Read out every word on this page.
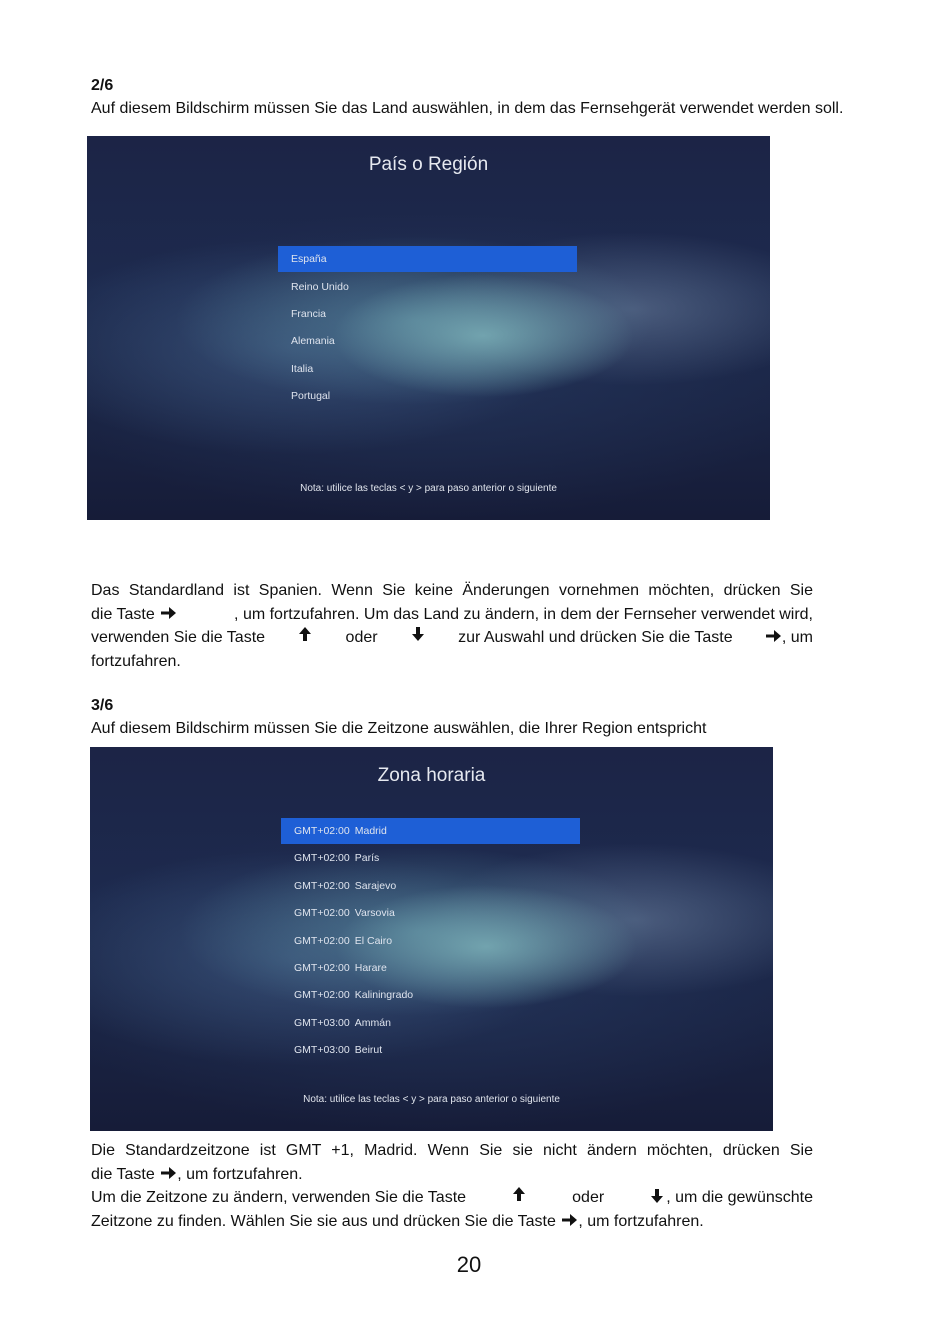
2/6
Auf diesem Bildschirm müssen Sie das Land auswählen, in dem das Fernsehgerät verwendet werden soll.
País o Región
España
Reino Unido
Francia
Alemania
Italia
Portugal
Nota: utilice las teclas < y > para paso anterior o siguiente
Das Standardland ist Spanien. Wenn Sie keine Änderungen vornehmen möchten, drücken Sie
die Taste	, um fortzufahren. Um das Land zu ändern, in dem der Fernseher verwendet wird,
verwenden Sie die Taste	oder	zur Auswahl und drücken Sie die Taste	, um
fortzufahren.
3/6
Auf diesem Bildschirm müssen Sie die Zeitzone auswählen, die Ihrer Region entspricht
Zona horaria
GMT+02:00 Madrid
GMT+02:00 París
GMT+02:00 Sarajevo
GMT+02:00 Varsovia
GMT+02:00 El Cairo
GMT+02:00 Harare
GMT+02:00 Kaliningrado
GMT+03:00 Ammán
GMT+03:00 Beirut
Nota: utilice las teclas < y > para paso anterior o siguiente
Die Standardzeitzone ist GMT +1, Madrid. Wenn Sie sie nicht ändern möchten, drücken Sie
die Taste , um fortzufahren.
Um die Zeitzone zu ändern, verwenden Sie die Taste	oder	, um die gewünschte
Zeitzone zu finden. Wählen Sie sie aus und drücken Sie die Taste , um fortzufahren.
20
